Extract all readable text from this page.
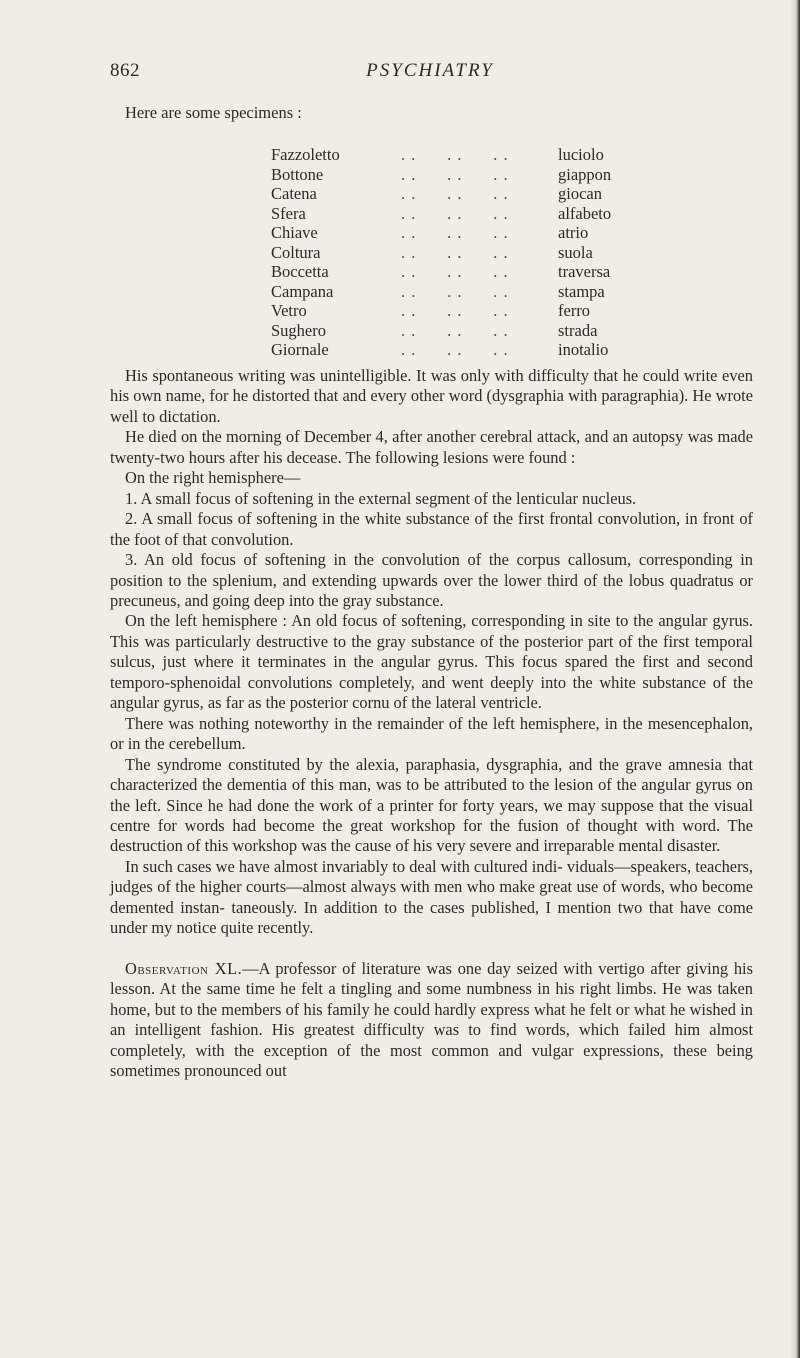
862	PSYCHIATRY

Here are some specimens :

Fazzoletto	. .      . .      . .	luciolo
Bottone	. .      . .      . .	giappon
Catena	. .      . .      . .	giocan
Sfera	. .      . .      . .	alfabeto
Chiave	. .      . .      . .	atrio
Coltura	. .      . .      . .	suola
Boccetta	. .      . .      . .	traversa
Campana	. .      . .      . .	stampa
Vetro	. .      . .      . .	ferro
Sughero	. .      . .      . .	strada
Giornale	. .      . .      . .	inotalio

His spontaneous writing was unintelligible. It was only with difficulty that he could write even his own name, for he distorted that and every other word (dysgraphia with paragraphia). He wrote well to dictation.

He died on the morning of December 4, after another cerebral attack, and an autopsy was made twenty-two hours after his decease. The following lesions were found :

On the right hemisphere—

1. A small focus of softening in the external segment of the lenticular nucleus.

2. A small focus of softening in the white substance of the first frontal convolution, in front of the foot of that convolution.

3. An old focus of softening in the convolution of the corpus callosum, corresponding in position to the splenium, and extending upwards over the lower third of the lobus quadratus or precuneus, and going deep into the gray substance.

On the left hemisphere : An old focus of softening, corresponding in site to the angular gyrus. This was particularly destructive to the gray substance of the posterior part of the first temporal sulcus, just where it terminates in the angular gyrus. This focus spared the first and second temporo-sphenoidal convolutions completely, and went deeply into the white substance of the angular gyrus, as far as the posterior cornu of the lateral ventricle.

There was nothing noteworthy in the remainder of the left hemisphere, in the mesencephalon, or in the cerebellum.

The syndrome constituted by the alexia, paraphasia, dysgraphia, and the grave amnesia that characterized the dementia of this man, was to be attributed to the lesion of the angular gyrus on the left. Since he had done the work of a printer for forty years, we may suppose that the visual centre for words had become the great workshop for the fusion of thought with word. The destruction of this workshop was the cause of his very severe and irreparable mental disaster.

In such cases we have almost invariably to deal with cultured indi- viduals—speakers, teachers, judges of the higher courts—almost always with men who make great use of words, who become demented instan- taneously. In addition to the cases published, I mention two that have come under my notice quite recently.

Observation XL.—A professor of literature was one day seized with vertigo after giving his lesson. At the same time he felt a tingling and some numbness in his right limbs. He was taken home, but to the members of his family he could hardly express what he felt or what he wished in an intelligent fashion. His greatest difficulty was to find words, which failed him almost completely, with the exception of the most common and vulgar expressions, these being sometimes pronounced out
